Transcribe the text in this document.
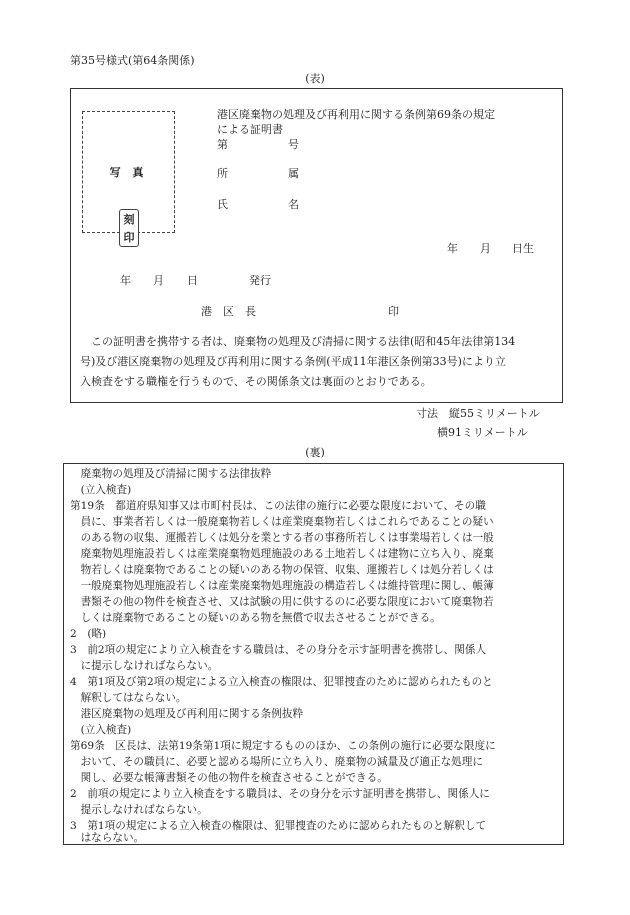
第35号様式(第64条関係)
(表)
写 真
刻
印
港区廃棄物の処理及び再利用に関する条例第69条の規定
による証明書
第	号
所	属
氏	名
年 月 日生
年 月 日	発行
港　区　長	印
　この証明書を携帯する者は、廃棄物の処理及び清掃に関する法律(昭和45年法律第134
号)及び港区廃棄物の処理及び再利用に関する条例(平成11年港区条例第33号)により立
入検査をする職権を行うもので、その関係条文は裏面のとおりである。
寸法　縦55ミリメートル
横91ミリメートル
(裏)
　廃棄物の処理及び清掃に関する法律抜粋
　(立入検査)
第19条　都道府県知事又は市町村長は、この法律の施行に必要な限度において、その職
　員に、事業者若しくは一般廃棄物若しくは産業廃棄物若しくはこれらであることの疑い
　のある物の収集、運搬若しくは処分を業とする者の事務所若しくは事業場若しくは一般
　廃棄物処理施設若しくは産業廃棄物処理施設のある土地若しくは建物に立ち入り、廃棄
　物若しくは廃棄物であることの疑いのある物の保管、収集、運搬若しくは処分若しくは
　一般廃棄物処理施設若しくは産業廃棄物処理施設の構造若しくは維持管理に関し、帳簿
　書類その他の物件を検査させ、又は試験の用に供するのに必要な限度において廃棄物若
　しくは廃棄物であることの疑いのある物を無償で収去させることができる。
2　(略)
3　前2項の規定により立入検査をする職員は、その身分を示す証明書を携帯し、関係人
　に提示しなければならない。
4　第1項及び第2項の規定による立入検査の権限は、犯罪捜査のために認められたものと
　解釈してはならない。
　港区廃棄物の処理及び再利用に関する条例抜粋
　(立入検査)
第69条　区長は、法第19条第1項に規定するもののほか、この条例の施行に必要な限度に
　おいて、その職員に、必要と認める場所に立ち入り、廃棄物の減量及び適正な処理に
　関し、必要な帳簿書類その他の物件を検査させることができる。
2　前項の規定により立入検査をする職員は、その身分を示す証明書を携帯し、関係人に
　提示しなければならない。
3　第1項の規定による立入検査の権限は、犯罪捜査のために認められたものと解釈して
　はならない。
